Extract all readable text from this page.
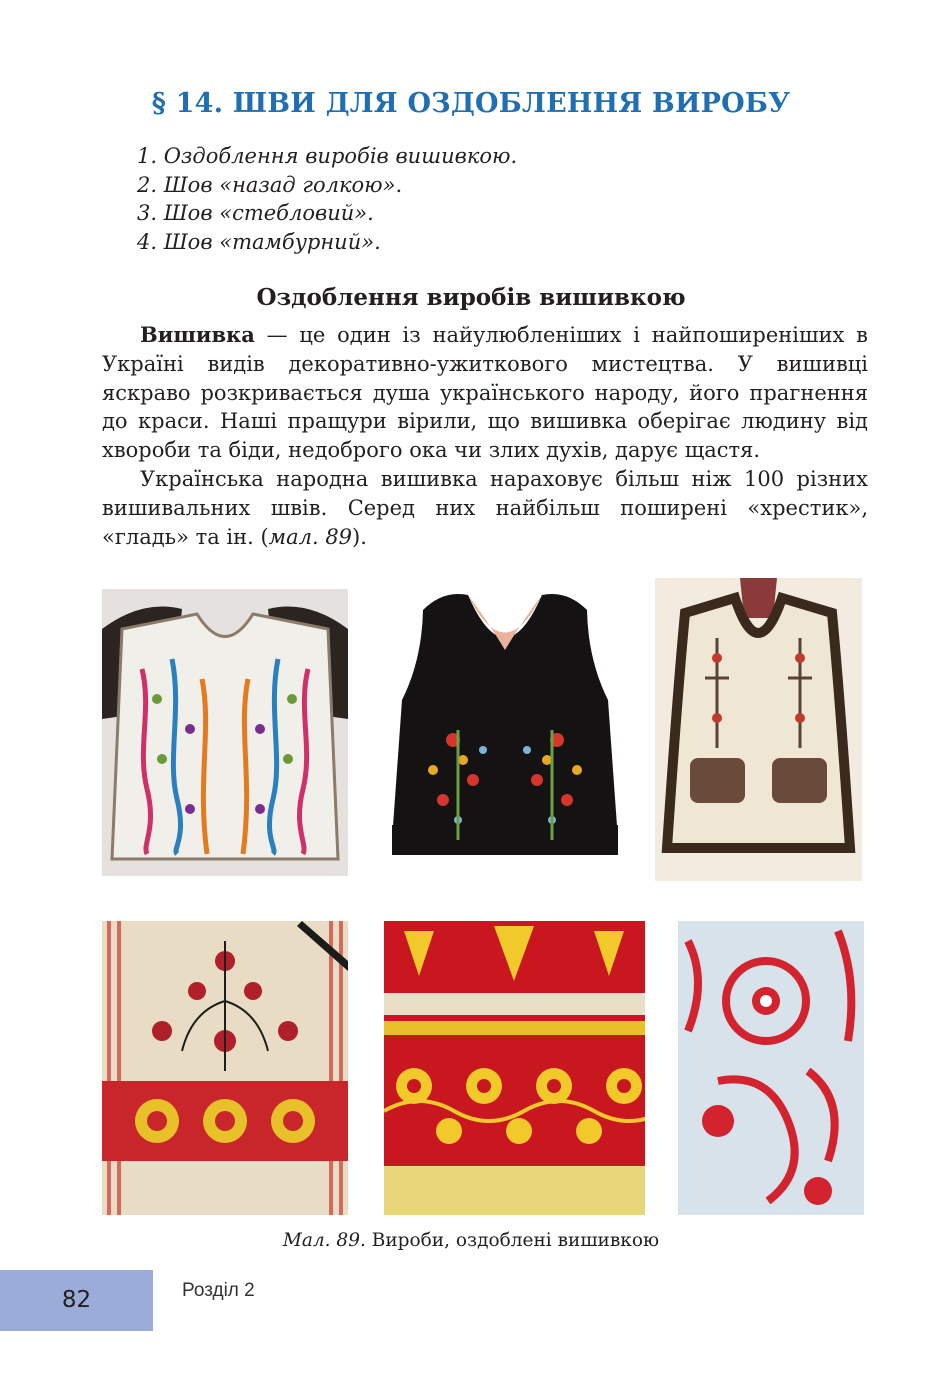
§ 14. ШВИ ДЛЯ ОЗДОБЛЕННЯ ВИРОБУ
1. Оздоблення виробів вишивкою.
2. Шов «назад голкою».
3. Шов «стебловий».
4. Шов «тамбурний».
Оздоблення виробів вишивкою

Вишивка — це один із найулюбленіших і найпоширеніших в Україні видів декоративно-ужиткового мистецтва. У вишивці яскраво розкривається душа українського народу, його прагнення до краси. Наші пращури вірили, що вишивка оберігає людину від хвороби та біди, недоброго ока чи злих духів, дарує щастя.

Українська народна вишивка нараховує більш ніж 100 різних вишивальних швів. Серед них найбільш поширені «хрестик», «гладь» та ін. (мал. 89).

Мал. 89. Вироби, оздоблені вишивкою
82	Розділ 2
